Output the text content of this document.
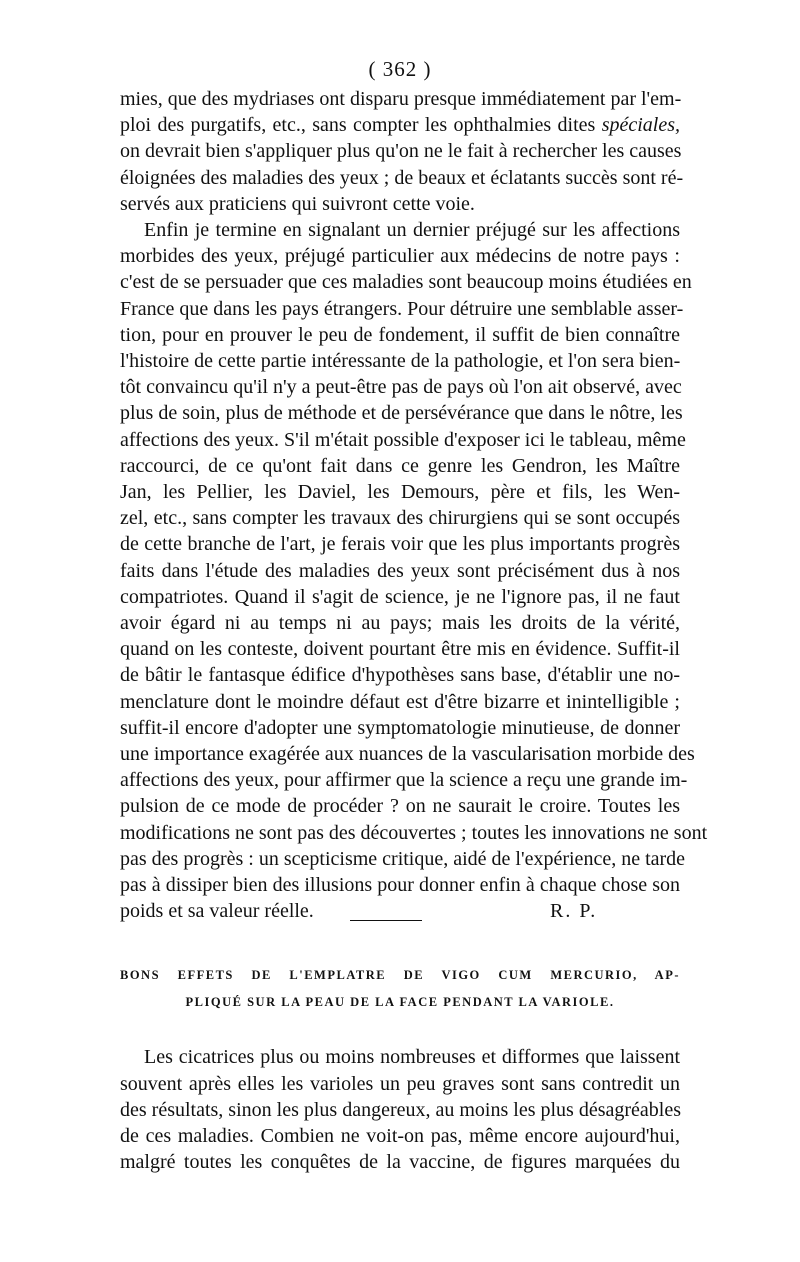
( 362 )

mies, que des mydriases ont disparu presque immédiatement par l'em-
ploi des purgatifs, etc., sans compter les ophthalmies dites spéciales,
on devrait bien s'appliquer plus qu'on ne le fait à rechercher les causes
éloignées des maladies des yeux ; de beaux et éclatants succès sont ré-
servés aux praticiens qui suivront cette voie.

Enfin je termine en signalant un dernier préjugé sur les affections
morbides des yeux, préjugé particulier aux médecins de notre pays :
c'est de se persuader que ces maladies sont beaucoup moins étudiées en
France que dans les pays étrangers. Pour détruire une semblable asser-
tion, pour en prouver le peu de fondement, il suffit de bien connaître
l'histoire de cette partie intéressante de la pathologie, et l'on sera bien-
tôt convaincu qu'il n'y a peut-être pas de pays où l'on ait observé, avec
plus de soin, plus de méthode et de persévérance que dans le nôtre, les
affections des yeux. S'il m'était possible d'exposer ici le tableau, même
raccourci, de ce qu'ont fait dans ce genre les Gendron, les Maître
Jan, les Pellier, les Daviel, les Demours, père et fils, les Wen-
zel, etc., sans compter les travaux des chirurgiens qui se sont occupés
de cette branche de l'art, je ferais voir que les plus importants progrès
faits dans l'étude des maladies des yeux sont précisément dus à nos
compatriotes. Quand il s'agit de science, je ne l'ignore pas, il ne faut
avoir égard ni au temps ni au pays; mais les droits de la vérité,
quand on les conteste, doivent pourtant être mis en évidence. Suffit-il
de bâtir le fantasque édifice d'hypothèses sans base, d'établir une no-
menclature dont le moindre défaut est d'être bizarre et inintelligible ;
suffit-il encore d'adopter une symptomatologie minutieuse, de donner
une importance exagérée aux nuances de la vascularisation morbide des
affections des yeux, pour affirmer que la science a reçu une grande im-
pulsion de ce mode de procéder ? on ne saurait le croire. Toutes les
modifications ne sont pas des découvertes ; toutes les innovations ne sont
pas des progrès : un scepticisme critique, aidé de l'expérience, ne tarde
pas à dissiper bien des illusions pour donner enfin à chaque chose son

poids et sa valeur réelle.	R. P.
BONS EFFETS DE L'EMPLATRE DE VIGO CUM MERCURIO, AP-
PLIQUÉ SUR LA PEAU DE LA FACE PENDANT LA VARIOLE.

Les cicatrices plus ou moins nombreuses et difformes que laissent
souvent après elles les varioles un peu graves sont sans contredit un
des résultats, sinon les plus dangereux, au moins les plus désagréables
de ces maladies. Combien ne voit-on pas, même encore aujourd'hui,
malgré toutes les conquêtes de la vaccine, de figures marquées du
